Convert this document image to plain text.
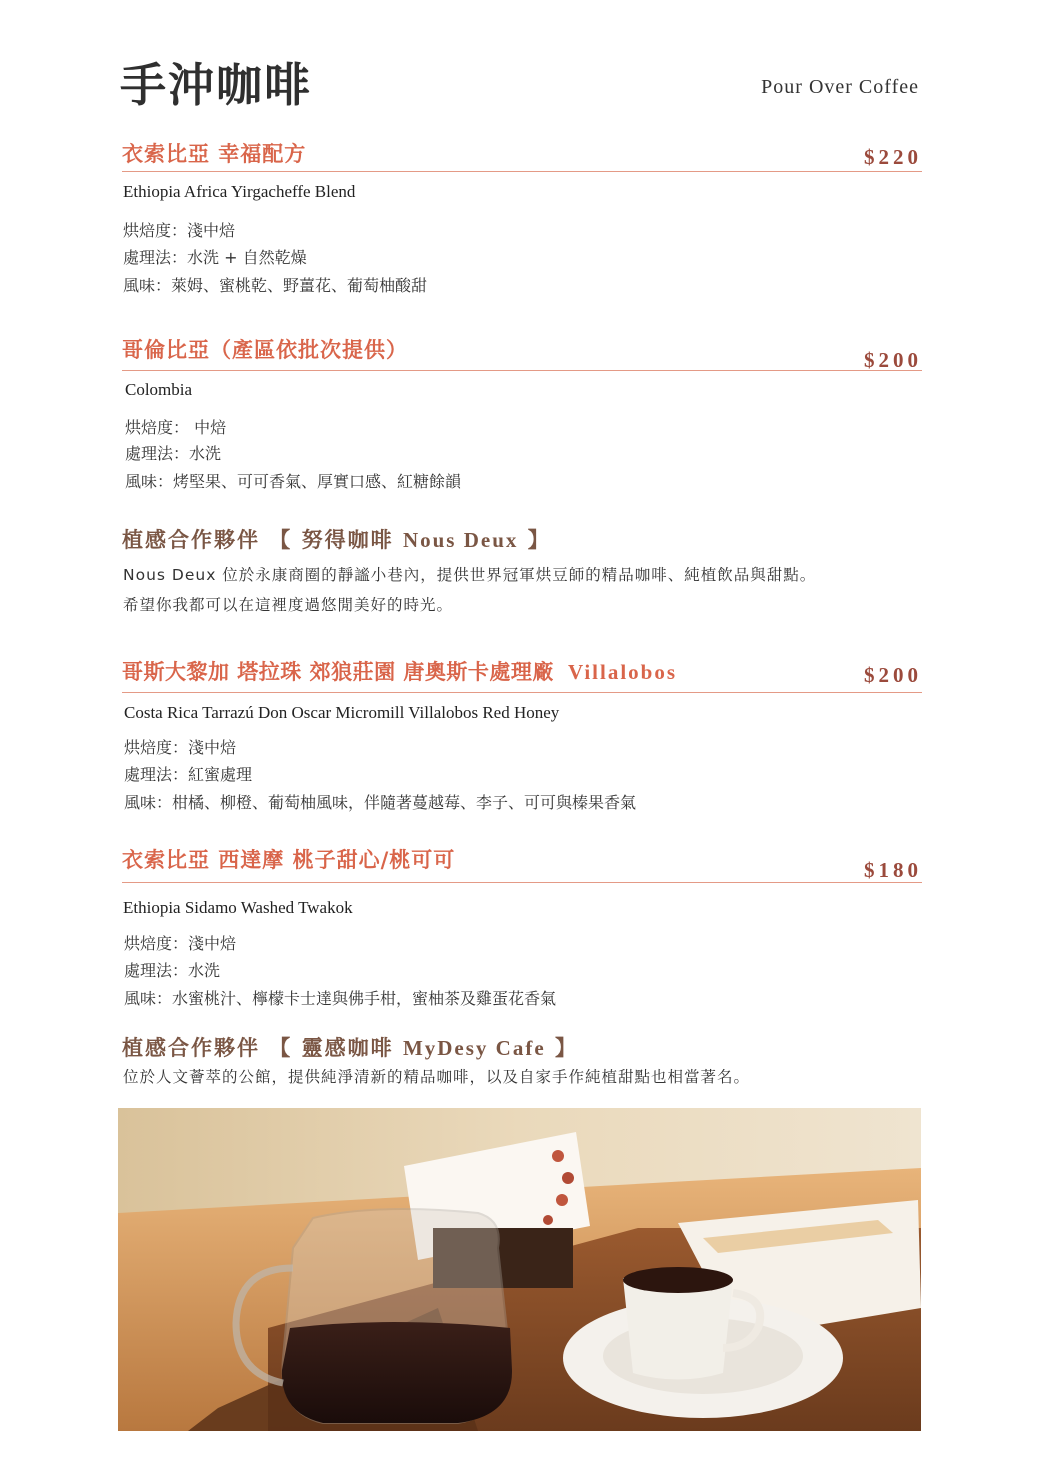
手沖咖啡	Pour Over Coffee
衣索比亞 幸福配方	$220
Ethiopia Africa Yirgacheffe Blend
烘焙度：淺中焙
處理法：水洗 + 自然乾燥
風味：萊姆、蜜桃乾、野薑花、葡萄柚酸甜
哥倫比亞（產區依批次提供）	$200
Colombia
烘焙度： 中焙
處理法：水洗
風味：烤堅果、可可香氣、厚實口感、紅糖餘韻
植感合作夥伴 【 努得咖啡 Nous Deux 】
Nous Deux 位於永康商圈的靜謐小巷內，提供世界冠軍烘豆師的精品咖啡、純植飲品與甜點。
希望你我都可以在這裡度過悠閒美好的時光。
哥斯大黎加 塔拉珠 郊狼莊園 唐奧斯卡處理廠 Villalobos	$200
Costa Rica Tarrazú Don Oscar Micromill Villalobos Red Honey
烘焙度：淺中焙
處理法：紅蜜處理
風味：柑橘、柳橙、葡萄柚風味，伴隨著蔓越莓、李子、可可與榛果香氣
衣索比亞 西達摩 桃子甜心/桃可可	$180
Ethiopia Sidamo Washed Twakok
烘焙度：淺中焙
處理法：水洗
風味：水蜜桃汁、檸檬卡士達與佛手柑，蜜柚茶及雞蛋花香氣
植感合作夥伴 【 靈感咖啡 MyDesy Cafe 】
位於人文薈萃的公館，提供純淨清新的精品咖啡，以及自家手作純植甜點也相當著名。
